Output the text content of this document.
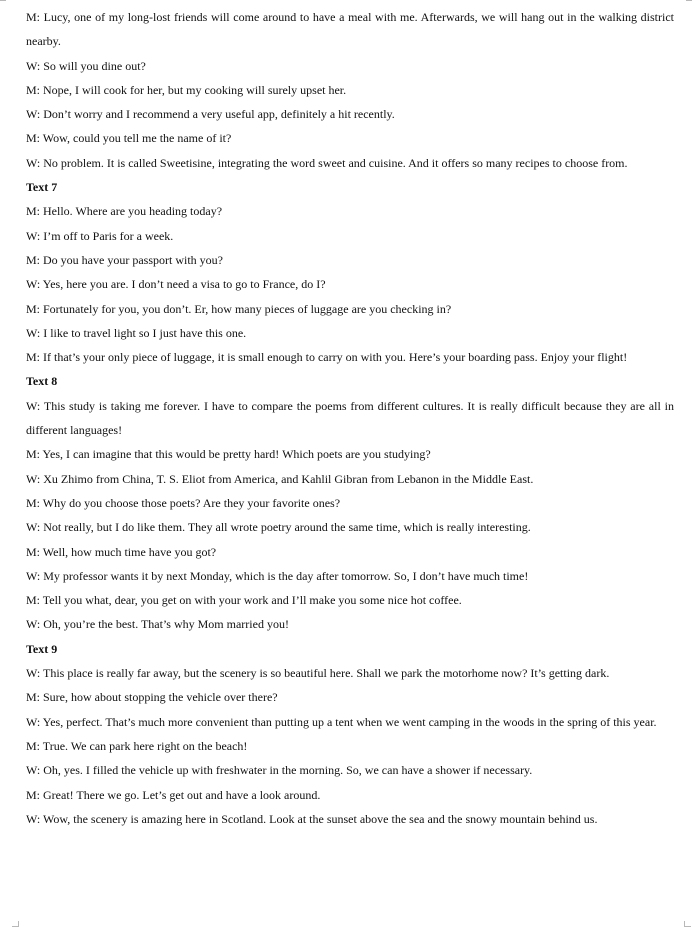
M: Lucy, one of my long-lost friends will come around to have a meal with me. Afterwards, we will hang out in the walking district nearby.

W: So will you dine out?

M: Nope, I will cook for her, but my cooking will surely upset her.

W: Don’t worry and I recommend a very useful app, definitely a hit recently.

M: Wow, could you tell me the name of it?

W: No problem. It is called Sweetisine, integrating the word sweet and cuisine. And it offers so many recipes to choose from.

Text 7

M: Hello. Where are you heading today?

W: I’m off to Paris for a week.

M: Do you have your passport with you?

W: Yes, here you are. I don’t need a visa to go to France, do I?

M: Fortunately for you, you don’t. Er, how many pieces of luggage are you checking in?

W: I like to travel light so I just have this one.

M: If that’s your only piece of luggage, it is small enough to carry on with you. Here’s your boarding pass. Enjoy your flight!

Text 8

W: This study is taking me forever. I have to compare the poems from different cultures. It is really difficult because they are all in different languages!

M: Yes, I can imagine that this would be pretty hard! Which poets are you studying?

W: Xu Zhimo from China, T. S. Eliot from America, and Kahlil Gibran from Lebanon in the Middle East.

M: Why do you choose those poets? Are they your favorite ones?

W: Not really, but I do like them. They all wrote poetry around the same time, which is really interesting.

M: Well, how much time have you got?

W: My professor wants it by next Monday, which is the day after tomorrow. So, I don’t have much time!

M: Tell you what, dear, you get on with your work and I’ll make you some nice hot coffee.

W: Oh, you’re the best. That’s why Mom married you!

Text 9

W: This place is really far away, but the scenery is so beautiful here. Shall we park the motorhome now? It’s getting dark.

M: Sure, how about stopping the vehicle over there?

W: Yes, perfect. That’s much more convenient than putting up a tent when we went camping in the woods in the spring of this year.

M: True. We can park here right on the beach!

W: Oh, yes. I filled the vehicle up with freshwater in the morning. So, we can have a shower if necessary.

M: Great! There we go. Let’s get out and have a look around.

W: Wow, the scenery is amazing here in Scotland. Look at the sunset above the sea and the snowy mountain behind us.
